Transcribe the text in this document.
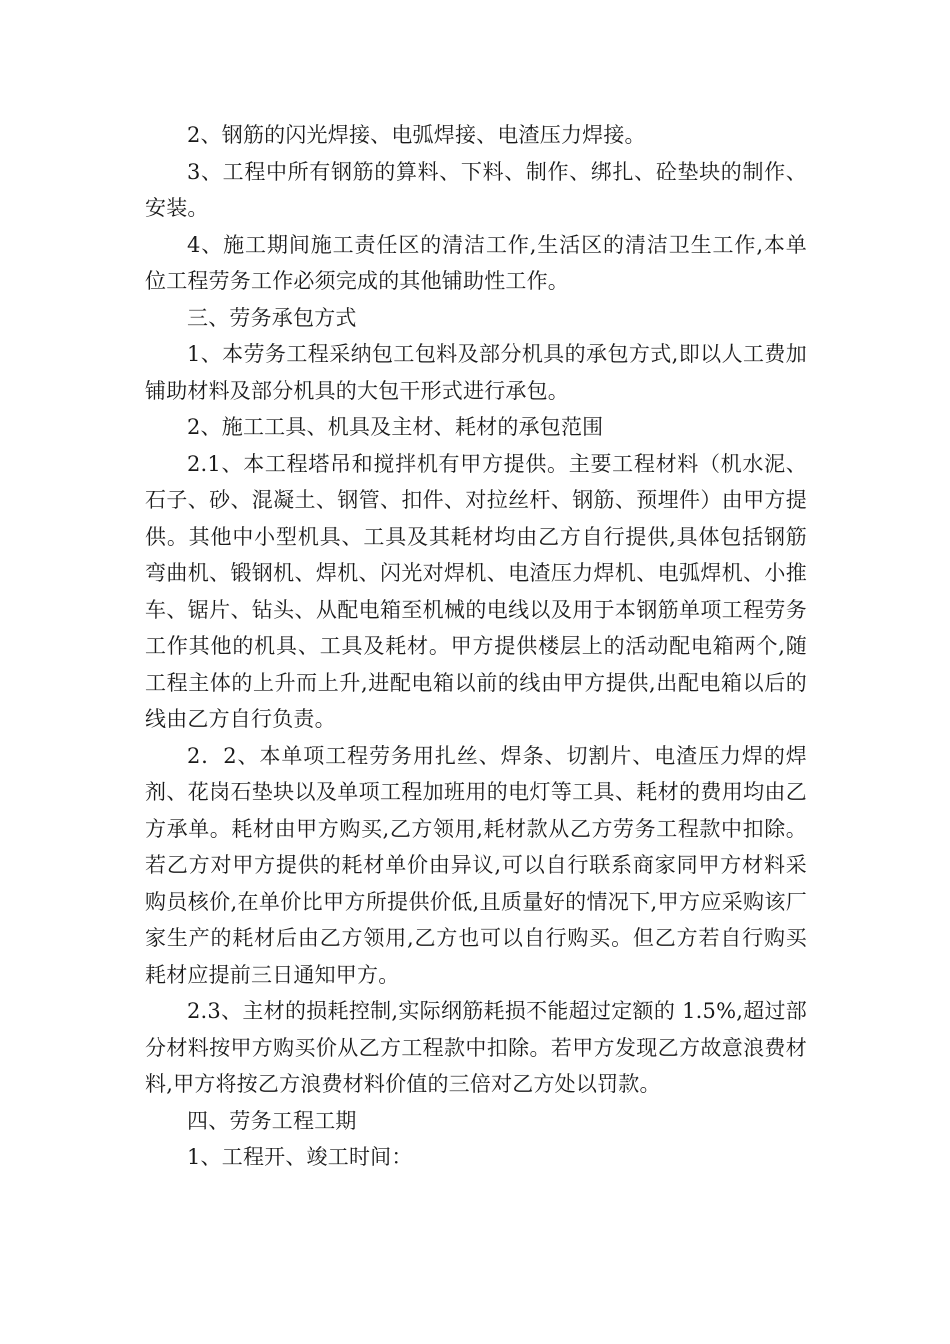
2、钢筋的闪光焊接、电弧焊接、电渣压力焊接。

3、工程中所有钢筋的算料、下料、制作、绑扎、砼垫块的制作、安装。

4、施工期间施工责任区的清洁工作,生活区的清洁卫生工作,本单位工程劳务工作必须完成的其他铺助性工作。

三、劳务承包方式

1、本劳务工程采纳包工包料及部分机具的承包方式,即以人工费加铺助材料及部分机具的大包干形式进行承包。

2、施工工具、机具及主材、耗材的承包范围

2.1、本工程塔吊和搅拌机有甲方提供。主要工程材料（机水泥、石子、砂、混凝土、钢管、扣件、对拉丝杆、钢筋、预埋件）由甲方提供。其他中小型机具、工具及其耗材均由乙方自行提供,具体包括钢筋弯曲机、锻钢机、焊机、闪光对焊机、电渣压力焊机、电弧焊机、小推车、锯片、钻头、从配电箱至机械的电线以及用于本钢筋单项工程劳务工作其他的机具、工具及耗材。甲方提供楼层上的活动配电箱两个,随工程主体的上升而上升,进配电箱以前的线由甲方提供,出配电箱以后的线由乙方自行负责。

2．2、本单项工程劳务用扎丝、焊条、切割片、电渣压力焊的焊剂、花岗石垫块以及单项工程加班用的电灯等工具、耗材的费用均由乙方承单。耗材由甲方购买,乙方领用,耗材款从乙方劳务工程款中扣除。若乙方对甲方提供的耗材单价由异议,可以自行联系商家同甲方材料采购员核价,在单价比甲方所提供价低,且质量好的情况下,甲方应采购该厂家生产的耗材后由乙方领用,乙方也可以自行购买。但乙方若自行购买耗材应提前三日通知甲方。

2.3、主材的损耗控制,实际纲筋耗损不能超过定额的 1.5%,超过部分材料按甲方购买价从乙方工程款中扣除。若甲方发现乙方故意浪费材料,甲方将按乙方浪费材料价值的三倍对乙方处以罚款。

四、劳务工程工期

1、工程开、竣工时间：
